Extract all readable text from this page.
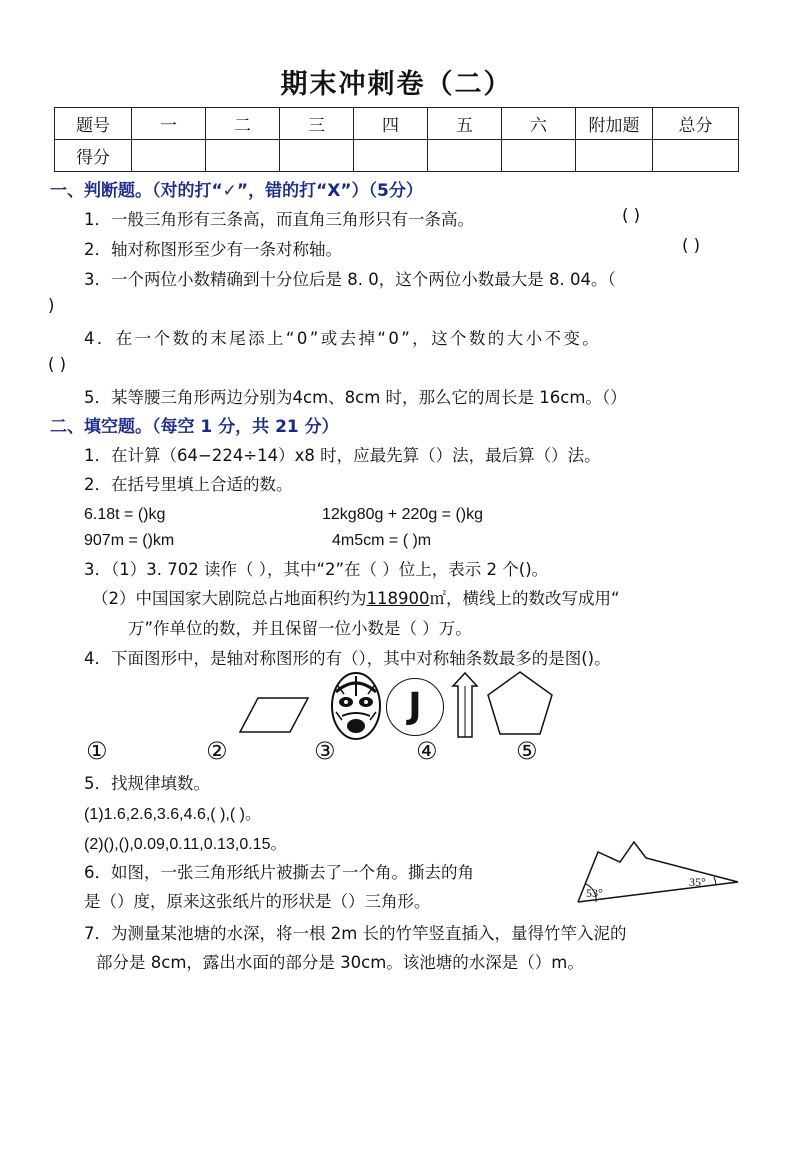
期末冲刺卷（二）
题号	一	二	三	四	五	六	附加题	总分
得分								
一、判断题。（对的打“✓”，错的打“X”）（5分）
1．一般三角形有三条高，而直角三角形只有一条高。	( )
2．轴对称图形至少有一条对称轴。	( )
3．一个两位小数精确到十分位后是 8. 0，这个两位小数最大是 8. 04。（
)
4．在一个数的末尾添上“0”或去掉“0”，这个数的大小不变。
( )
5．某等腰三角形两边分别为4cm、8cm 时，那么它的周长是 16cm。（）
二、填空题。（每空 1 分，共 21 分）
1．在计算（64−224÷14）x8 时，应最先算（）法，最后算（）法。
2．在括号里填上合适的数。
6.18t = ()kg	12kg80g + 220g = ()kg
907m = ()km	4m5cm = ( )m
3．（1）3. 702 读作（ ），其中“2”在（ ）位上，表示 2 个()。
（2）中国国家大剧院总占地面积约为118900㎡，横线上的数改写成用“
万”作单位的数，并且保留一位小数是（ ）万。
4．下面图形中，是轴对称图形的有（），其中对称轴条数最多的是图()。
J
①	②	③	④	⑤
5．找规律填数。
(1)1.6,2.6,3.6,4.6,( ),( )。
(2)(),(),0.09,0.11,0.13,0.15。
6．如图，一张三角形纸片被撕去了一个角。撕去的角
是（）度，原来这张纸片的形状是（）三角形。	53°
35°
7．为测量某池塘的水深，将一根 2m 长的竹竿竖直插入，量得竹竿入泥的
部分是 8cm，露出水面的部分是 30cm。该池塘的水深是（）m。
